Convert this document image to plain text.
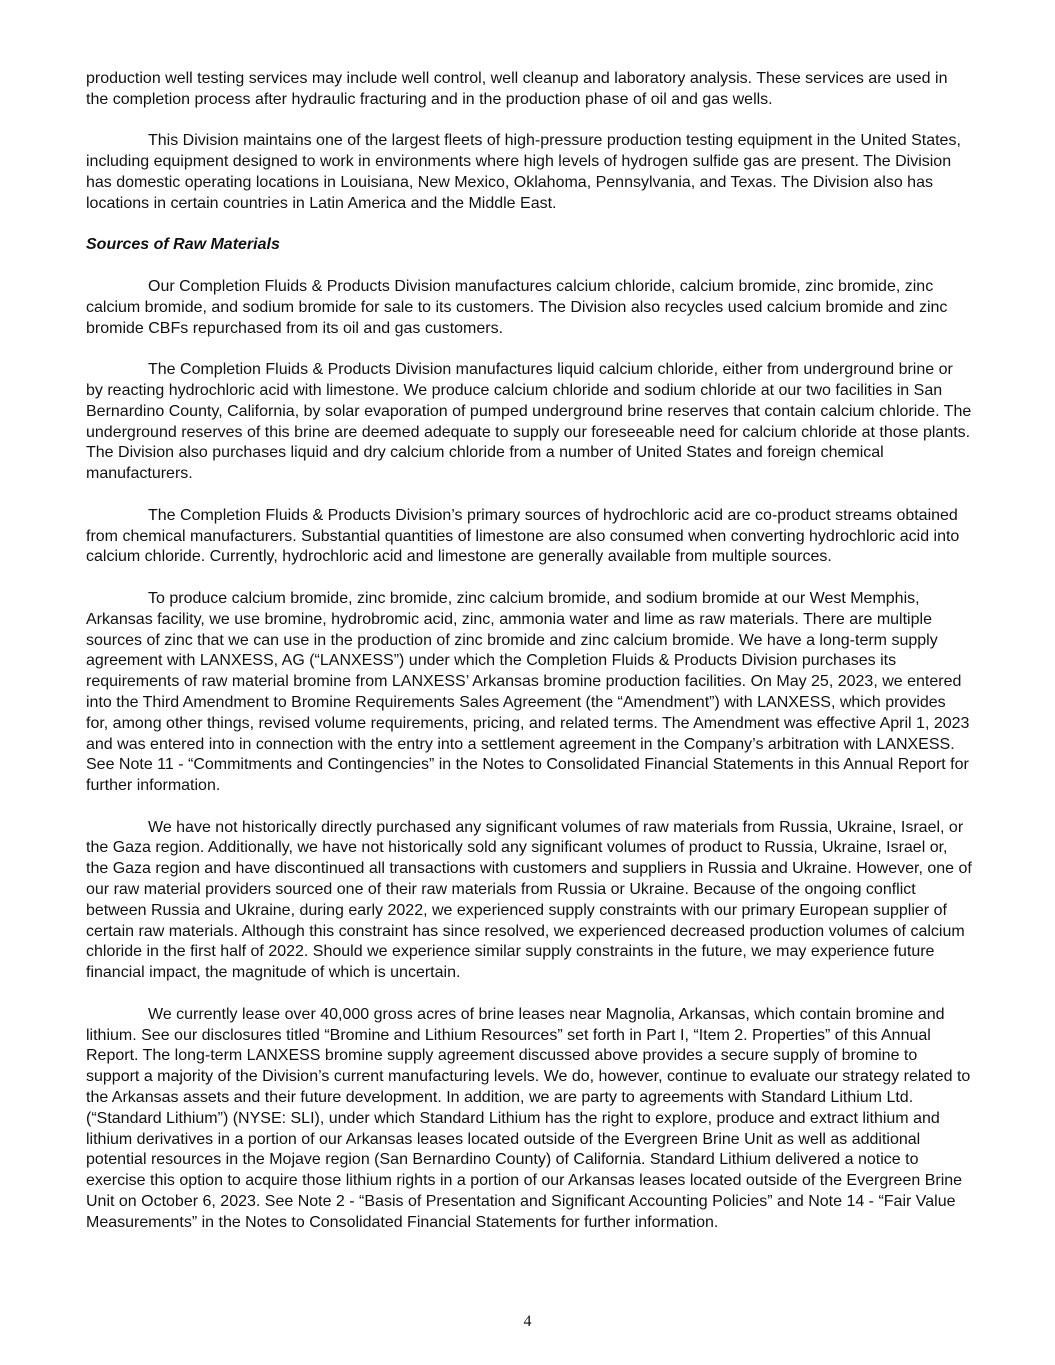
production well testing services may include well control, well cleanup and laboratory analysis. These services are used in the completion process after hydraulic fracturing and in the production phase of oil and gas wells.

This Division maintains one of the largest fleets of high-pressure production testing equipment in the United States, including equipment designed to work in environments where high levels of hydrogen sulfide gas are present. The Division has domestic operating locations in Louisiana, New Mexico, Oklahoma, Pennsylvania, and Texas. The Division also has locations in certain countries in Latin America and the Middle East.

Sources of Raw Materials

Our Completion Fluids & Products Division manufactures calcium chloride, calcium bromide, zinc bromide, zinc calcium bromide, and sodium bromide for sale to its customers. The Division also recycles used calcium bromide and zinc bromide CBFs repurchased from its oil and gas customers.

The Completion Fluids & Products Division manufactures liquid calcium chloride, either from underground brine or by reacting hydrochloric acid with limestone. We produce calcium chloride and sodium chloride at our two facilities in San Bernardino County, California, by solar evaporation of pumped underground brine reserves that contain calcium chloride. The underground reserves of this brine are deemed adequate to supply our foreseeable need for calcium chloride at those plants. The Division also purchases liquid and dry calcium chloride from a number of United States and foreign chemical manufacturers.

The Completion Fluids & Products Division’s primary sources of hydrochloric acid are co-product streams obtained from chemical manufacturers. Substantial quantities of limestone are also consumed when converting hydrochloric acid into calcium chloride. Currently, hydrochloric acid and limestone are generally available from multiple sources.

To produce calcium bromide, zinc bromide, zinc calcium bromide, and sodium bromide at our West Memphis, Arkansas facility, we use bromine, hydrobromic acid, zinc, ammonia water and lime as raw materials. There are multiple sources of zinc that we can use in the production of zinc bromide and zinc calcium bromide. We have a long-term supply agreement with LANXESS, AG (“LANXESS”) under which the Completion Fluids & Products Division purchases its requirements of raw material bromine from LANXESS’ Arkansas bromine production facilities. On May 25, 2023, we entered into the Third Amendment to Bromine Requirements Sales Agreement (the “Amendment”) with LANXESS, which provides for, among other things, revised volume requirements, pricing, and related terms. The Amendment was effective April 1, 2023 and was entered into in connection with the entry into a settlement agreement in the Company’s arbitration with LANXESS. See Note 11 - “Commitments and Contingencies” in the Notes to Consolidated Financial Statements in this Annual Report for further information.

We have not historically directly purchased any significant volumes of raw materials from Russia, Ukraine, Israel, or the Gaza region. Additionally, we have not historically sold any significant volumes of product to Russia, Ukraine, Israel or, the Gaza region and have discontinued all transactions with customers and suppliers in Russia and Ukraine. However, one of our raw material providers sourced one of their raw materials from Russia or Ukraine. Because of the ongoing conflict between Russia and Ukraine, during early 2022, we experienced supply constraints with our primary European supplier of certain raw materials. Although this constraint has since resolved, we experienced decreased production volumes of calcium chloride in the first half of 2022. Should we experience similar supply constraints in the future, we may experience future financial impact, the magnitude of which is uncertain.

We currently lease over 40,000 gross acres of brine leases near Magnolia, Arkansas, which contain bromine and lithium. See our disclosures titled “Bromine and Lithium Resources” set forth in Part I, “Item 2. Properties” of this Annual Report. The long-term LANXESS bromine supply agreement discussed above provides a secure supply of bromine to support a majority of the Division’s current manufacturing levels. We do, however, continue to evaluate our strategy related to the Arkansas assets and their future development. In addition, we are party to agreements with Standard Lithium Ltd. (“Standard Lithium”) (NYSE: SLI), under which Standard Lithium has the right to explore, produce and extract lithium and lithium derivatives in a portion of our Arkansas leases located outside of the Evergreen Brine Unit as well as additional potential resources in the Mojave region (San Bernardino County) of California. Standard Lithium delivered a notice to exercise this option to acquire those lithium rights in a portion of our Arkansas leases located outside of the Evergreen Brine Unit on October 6, 2023. See Note 2 - “Basis of Presentation and Significant Accounting Policies” and Note 14 - “Fair Value Measurements” in the Notes to Consolidated Financial Statements for further information.

4
